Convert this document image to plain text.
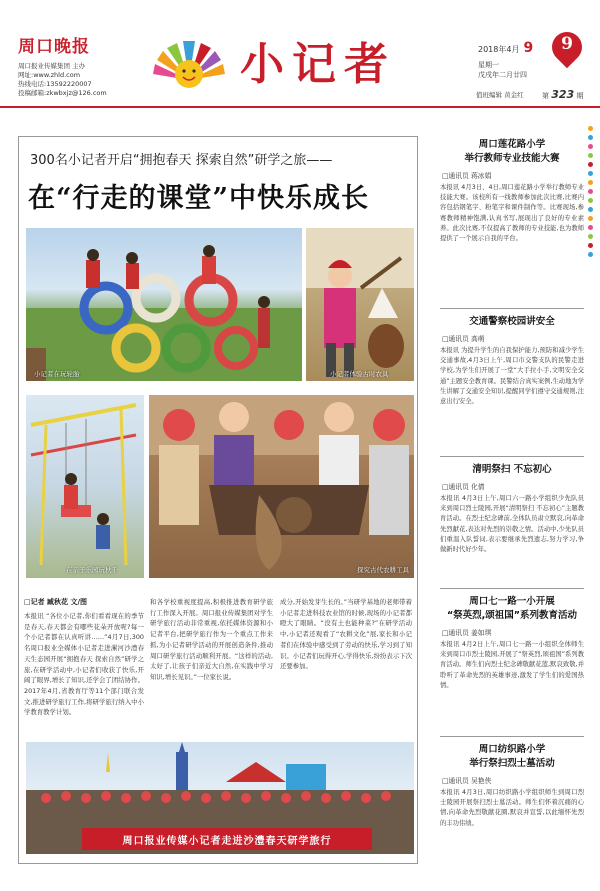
周口晚报
周口报业传媒集团 主办
网址:www.zhld.com
热线电话:13592220007
投稿邮箱:zkwbxjz@126.com
小记者	2018年4月 9
星期一
戊戌年二月廿四
9
值班编辑 黄金红	第 323 期
300名小记者开启“拥抱春天 探索自然”研学之旅——
在“行走的课堂”中快乐成长
小记者在玩轮胎	小记者体验古时农具
在亲子乐园玩秋千	探究古代农耕工具
□记者 臧秋花 文/图
本报讯 “各位小记者,你们看看现在的季节是春天,春天都会有哪些花朵开放呢?每一个小记者都在认真听讲……”4月7日,300名周口报业全媒体小记者走进漯河沙澧春天生态园开展“拥抱春天 探索自然”研学之旅,在研学活动中,小记者们收获了快乐,开阔了眼界,增长了知识,还学会了团结协作。2017年4月,省教育厅等11个部门联合发文,推进研学旅行工作,将研学旅行纳入中小学教育教学计划。
和各学校重视度提高,积极推进教育研学旅行工作深入开展。周口报业传媒集团对学生研学旅行活动非常重视,依托媒体资源和小记者平台,把研学旅行作为一个重点工作来抓,为小记者研学活动的开展创造条件,推动周口研学旅行活动顺利开展。“这样的活动,太好了,让孩子们亲近大自然,在实践中学习知识,增长见识。”一位家长说。
成分,开始发芽生长的。”当研学基地的老师带着小记者走进科技农业馆的时候,现场的小记者都瞪大了眼睛。“没有土也能种菜?”在研学活动中,小记者还观看了“农耕文化”展,家长和小记者们在体验中感受到了劳动的快乐,学习到了知识。小记者们玩得开心,学得快乐,纷纷表示下次还要参加。
周口报业传媒小记者走进沙澧春天研学旅行
周口莲花路小学
举行教师专业技能大赛
□通讯员 蒋冰娟
本报讯 4月3日、4日,周口莲花路小学举行教师专业技能大赛。该校所有一线教师参加此次比赛,比赛内容包括钢笔字、粉笔字和课件制作等。比赛现场,参赛教师精神饱满,认真书写,展现出了良好的专业素养。此次比赛,不仅提高了教师的专业技能,也为教师提供了一个展示自我的平台。
交通警察校园讲安全
□通讯员 高萌
本报讯 为提升学生的自我保护能力,预防和减少学生交通事故,4月3日上午,周口市交警支队的民警走进学校,为学生们开展了一堂“大手拉小手,文明安全交通”主题安全教育课。民警结合真实案例,生动地为学生讲解了交通安全知识,提醒同学们遵守交通规则,注意出行安全。
清明祭扫 不忘初心
□通讯员 化倩
本报讯 4月3日上午,周口六一路小学组织少先队员来到周口烈士陵园,开展“清明祭扫 不忘初心”主题教育活动。在烈士纪念碑前,全体队员肃立默哀,向革命先烈献花,表达对先烈的崇敬之情。活动中,少先队员们重温入队誓词,表示要继承先烈遗志,努力学习,争做新时代好少年。
周口七一路一小开展
“祭英烈,颂祖国”系列教育活动
□通讯员 姜如琪
本报讯 4月2日上午,周口七一路一小组织全体师生来到周口市烈士陵园,开展了“祭英烈,颂祖国”系列教育活动。师生们向烈士纪念碑敬献花篮,默哀致敬,并聆听了革命先烈的英雄事迹,激发了学生们的爱国热情。
周口纺织路小学
举行祭扫烈士墓活动
□通讯员 吴艳侠
本报讯 4月3日,周口纺织路小学组织师生到周口烈士陵园开展祭扫烈士墓活动。师生们怀着沉痛的心情,向革命先烈敬献花圈,默哀并宣誓,以此缅怀先烈的丰功伟绩。
